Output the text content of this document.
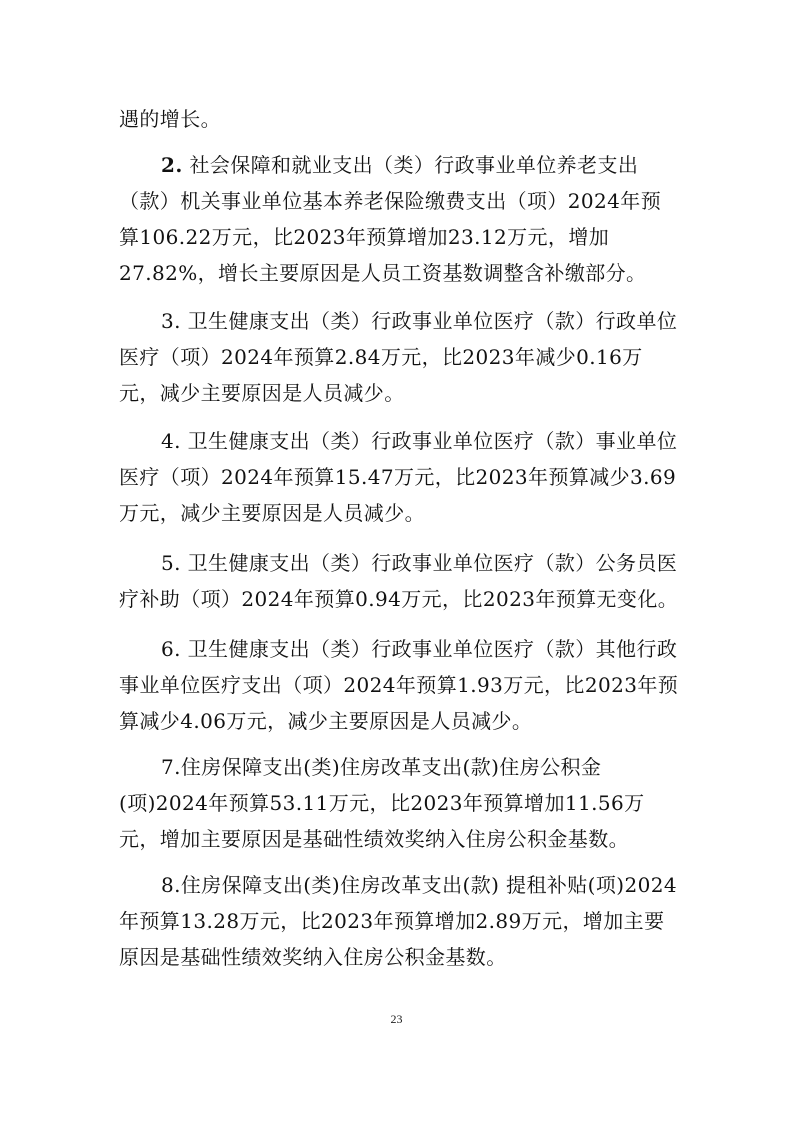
遇的增长。

2. 社会保障和就业支出（类）行政事业单位养老支出（款）机关事业单位基本养老保险缴费支出（项）2024年预算106.22万元，比2023年预算增加23.12万元，增加27.82%，增长主要原因是人员工资基数调整含补缴部分。

3. 卫生健康支出（类）行政事业单位医疗（款）行政单位医疗（项）2024年预算2.84万元，比2023年减少0.16万元，减少主要原因是人员减少。

4. 卫生健康支出（类）行政事业单位医疗（款）事业单位医疗（项）2024年预算15.47万元，比2023年预算减少3.69万元，减少主要原因是人员减少。

5. 卫生健康支出（类）行政事业单位医疗（款）公务员医疗补助（项）2024年预算0.94万元，比2023年预算无变化。

6. 卫生健康支出（类）行政事业单位医疗（款）其他行政事业单位医疗支出（项）2024年预算1.93万元，比2023年预算减少4.06万元，减少主要原因是人员减少。

7.住房保障支出(类)住房改革支出(款)住房公积金(项)2024年预算53.11万元，比2023年预算增加11.56万元，增加主要原因是基础性绩效奖纳入住房公积金基数。

8.住房保障支出(类)住房改革支出(款) 提租补贴(项)2024年预算13.28万元，比2023年预算增加2.89万元，增加主要原因是基础性绩效奖纳入住房公积金基数。

23
